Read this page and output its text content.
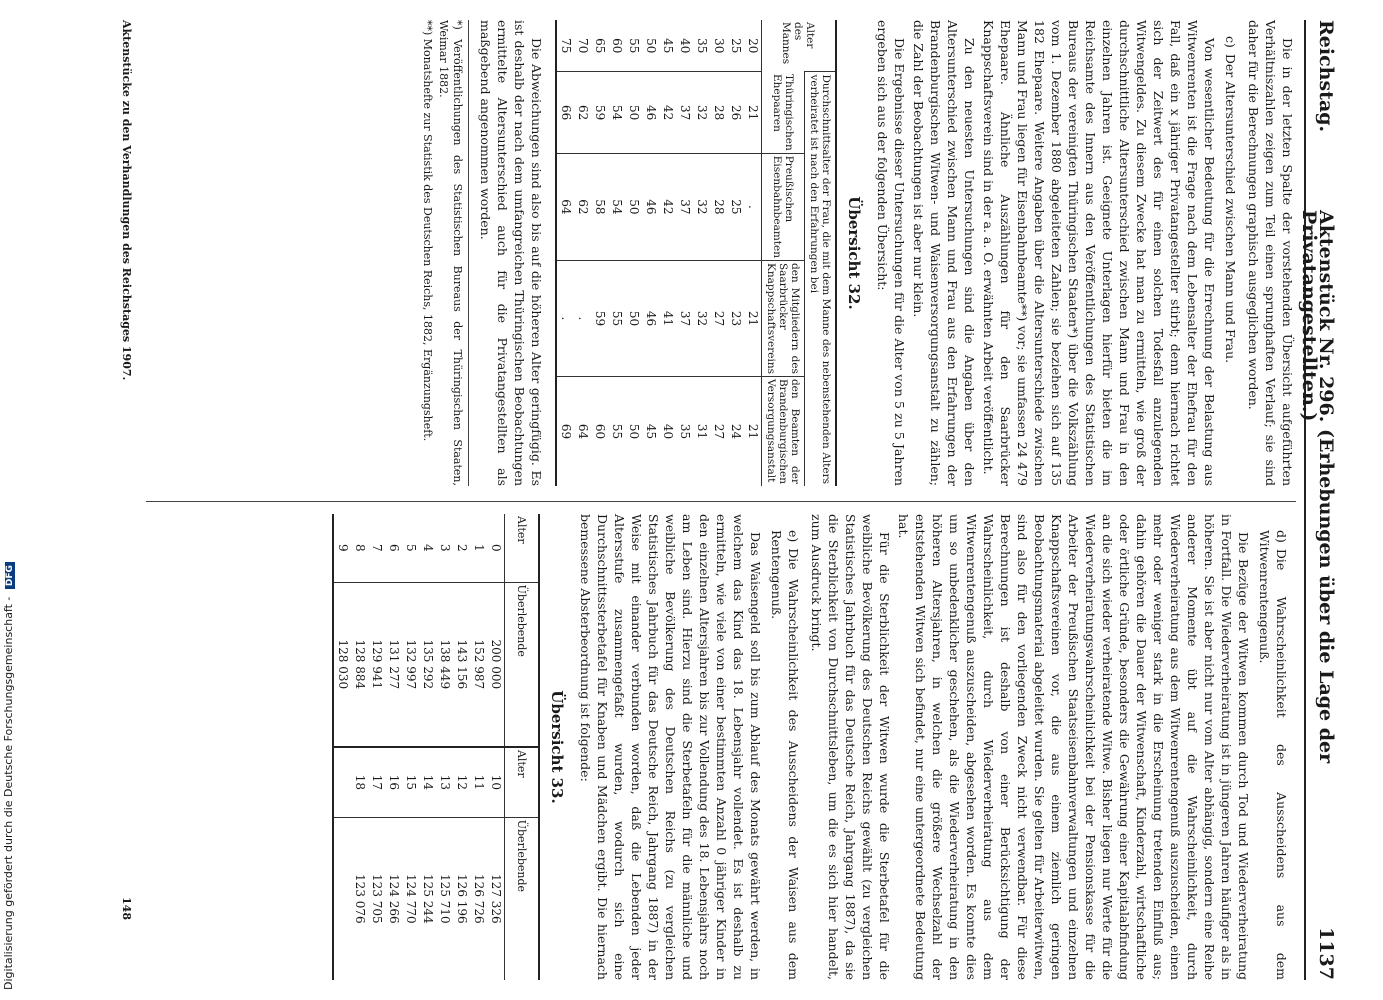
Digitalisierung gefördert durch die Deutsche Forschungsgemeinschaft - DFG
Reichstag.
Aktenstück Nr. 296. (Erhebungen über die Lage der Privatangestellten.)
1137

Die in der letzten Spalte der vorstehenden Übersicht aufgeführten Verhältniszahlen zeigen zum Teil einen sprunghaften Verlauf; sie sind daher für die Berechnungen graphisch ausgeglichen worden.

c)Der Altersunterschied zwischen Mann und Frau.

Von wesentlicher Bedeutung für die Errechnung der Belastung aus Witwenrenten ist die Frage nach dem Lebensalter der Ehefrau für den Fall, daß ein x jähriger Privatangestellter stirbt; denn hiernach richtet sich der Zeitwert des für einen solchen Todesfall anzulegenden Witwengeldes. Zu diesem Zwecke hat man zu ermitteln, wie groß der durchschnittliche Altersunterschied zwischen Mann und Frau in den einzelnen Jahren ist. Geeignete Unterlagen hierfür bieten die im Reichsamte des Innern aus den Veröffentlichungen des Statistischen Bureaus der vereinigten Thüringischen Staaten*) über die Volkszählung vom 1. Dezember 1880 abgeleiteten Zahlen; sie beziehen sich auf 135 182 Ehepaare. Weitere Angaben über die Altersunterschiede zwischen Mann und Frau liegen für Eisenbahnbeamte**) vor; sie umfassen 24 479 Ehepaare. Ähnliche Auszählungen für den Saarbrücker Knappschaftsverein sind in der a. a. O. erwähnten Arbeit veröffentlicht.

Zu den neuesten Untersuchungen sind die Angaben über den Altersunterschied zwischen Mann und Frau aus den Erfahrungen der Brandenburgischen Witwen- und Waisenversorgungsanstalt zu zählen; die Zahl der Beobachtungen ist aber nur klein.

Die Ergebnisse dieser Untersuchungen für die Alter von 5 zu 5 Jahren ergeben sich aus der folgenden Übersicht:

Übersicht 32.
Alter
des
Mannes	Durchschnittsalter der Frau, die mit dem Manne des nebenstehenden Alters verheiratet ist nach den Erfahrungen bei			
	Thüringischen Ehepaaren	Preußischen Eisenbahnbeamten	den Mitgliedern des Saarbrücker Knappschaftsvereins	den Beamten der Brandenburgischen Versorgungsanstalt
20	21	.	21	21
25	26	25	23	24
30	28	28	27	27
35	32	32	32	31
40	37	37	37	35
45	42	42	41	40
50	46	46	46	45
55	50	50	50	50
60	54	54	55	55
65	59	58	59	60
70	62	62	.	64
75	66	64	.	69

Die Abweichungen sind also bis auf die höheren Alter geringfügig. Es ist deshalb der nach dem umfangreichen Thüringischen Beobachtungen ermittelte Altersunterschied auch für die Privatangestellten als maßgebend angenommen worden.

*) Veröffentlichungen des Statistischen Bureaus der Thüringischen Staaten, Weimar 1882.
**) Monatshefte zur Statistik des Deutschen Reichs, 1882, Ergänzungsheft.
d)Die Wahrscheinlichkeit des Ausscheidens aus dem Witwenrentengenuß.

Die Bezüge der Witwen kommen durch Tod und Wiederverheiratung in Fortfall. Die Wiederverheiratung ist in jüngeren Jahren häufiger als in höheren. Sie ist aber nicht nur vom Alter abhängig, sondern eine Reihe anderer Momente übt auf die Wahrscheinlichkeit, durch Wiederverheiratung aus dem Witwenrentengenuß auszuscheiden, einen mehr oder weniger stark in die Erscheinung tretenden Einfluß aus; dahin gehören die Dauer der Witwenschaft, Kinderzahl, wirtschaftliche oder örtliche Gründe, besonders die Gewährung einer Kapitalabfindung an die sich wieder verheiratende Witwe. Bisher liegen nur Werte für die Wiederverheiratungswahrscheinlichkeit bei der Pensionskasse für die Arbeiter der Preußischen Staatseisenbahnverwaltungen und einzelnen Knappschaftsvereinen vor, die aus einem ziemlich geringen Beobachtungsmaterial abgeleitet wurden. Sie gelten für Arbeiterwitwen, sind also für den vorliegenden Zweck nicht verwendbar. Für diese Berechnungen ist deshalb von einer Berücksichtigung der Wahrscheinlichkeit, durch Wiederverheiratung aus dem Witwenrentengenuß auszuscheiden, abgesehen worden. Es konnte dies um so unbedenklicher geschehen, als die Wiederverheiratung in den höheren Altersjahren, in welchen die größere Wechselzahl der entstehenden Witwen sich befindet, nur eine untergeordnete Bedeutung hat.

Für die Sterblichkeit der Witwen wurde die Sterbetafel für die weibliche Bevölkerung des Deutschen Reichs gewählt (zu vergleichen Statistisches Jahrbuch für das Deutsche Reich, Jahrgang 1887), da sie die Sterblichkeit von Durchschnittsleben, um die es sich hier handelt, zum Ausdruck bringt.

e)Die Wahrscheinlichkeit des Ausscheidens der Waisen aus dem Rentengenuß.

Das Waisengeld soll bis zum Ablauf des Monats gewährt werden, in welchem das Kind das 18. Lebensjahr vollendet. Es ist deshalb zu ermitteln, wie viele von einer bestimmten Anzahl 0 jähriger Kinder in den einzelnen Altersjahren bis zur Vollendung des 18. Lebensjahrs noch am Leben sind. Hierzu sind die Sterbetafeln für die männliche und weibliche Bevölkerung des Deutschen Reichs (zu vergleichen Statistisches Jahrbuch für das Deutsche Reich, Jahrgang 1887) in der Weise mit einander verbunden worden, daß die Lebenden jeder Altersstufe zusammengefaßt wurden, wodurch sich eine Durchschnittssterbetafel für Knaben und Mädchen ergibt. Die hiernach bemessene Absterbeordnung ist folgende:

Übersicht 33.
Alter	Überlebende	Alter	Überlebende
0	200 000	10	127 326
1	152 987	11	126 726
2	143 156	12	126 196
3	138 449	13	125 710
4	135 292	14	125 244
5	132 997	15	124 770
6	131 277	16	124 266
7	129 941	17	123 705
8	128 884	18	123 076
9	128 030		
Aktenstücke zu den Verhandlungen des Reichstages 1907.
148
